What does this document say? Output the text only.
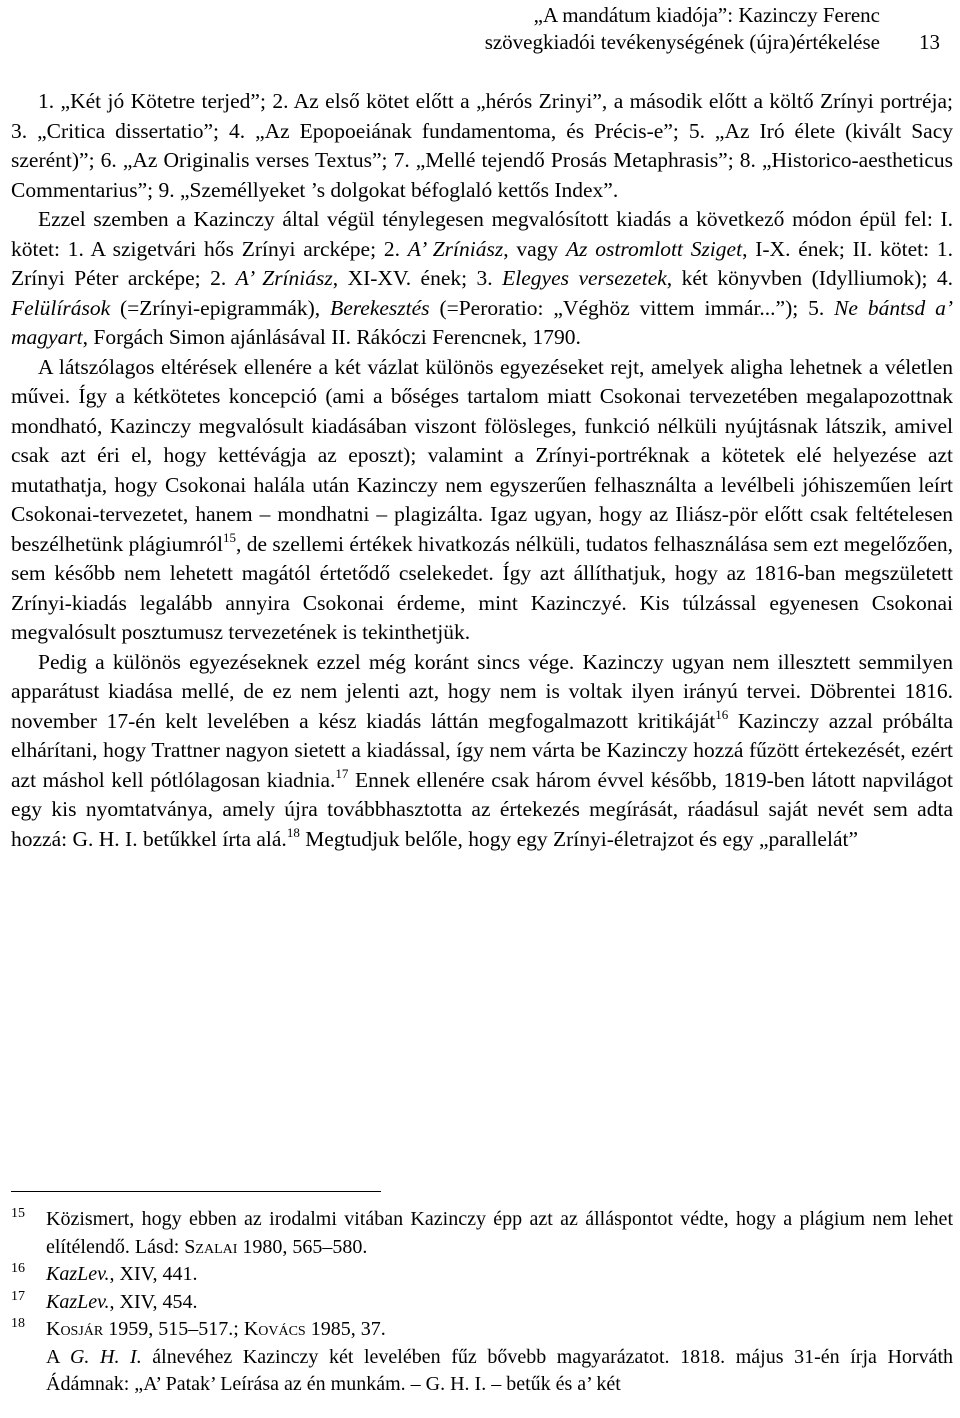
„A mandátum kiadója”: Kazinczy Ferenc
szövegkiadói tevékenységének (újra)értékelése	13

1. „Két jó Kötetre terjed”; 2. Az első kötet előtt a „hérós Zrinyi”, a második előtt a költő Zrínyi portréja; 3. „Critica dissertatio”; 4. „Az Epopoeiának fundamentoma, és Précis-e”; 5. „Az Iró élete (kivált Sacy szerént)”; 6. „Az Originalis verses Textus”; 7. „Mellé tejendő Prosás Metaphrasis”; 8. „Historico-aestheticus Commentarius”; 9. „Személlyeket ’s dolgokat béfoglaló kettős Index”.

Ezzel szemben a Kazinczy által végül ténylegesen megvalósított kiadás a következő módon épül fel: I. kötet: 1. A szigetvári hős Zrínyi arcképe; 2. A’ Zríniász, vagy Az ostromlott Sziget, I-X. ének; II. kötet: 1. Zrínyi Péter arcképe; 2. A’ Zríniász, XI-XV. ének; 3. Elegyes versezetek, két könyvben (Idylliumok); 4. Felülírások (=Zrínyi-epigrammák), Berekesztés (=Peroratio: „Véghöz vittem immár...”); 5. Ne bántsd a’ magyart, Forgách Simon ajánlásával II. Rákóczi Ferencnek, 1790.

A látszólagos eltérések ellenére a két vázlat különös egyezéseket rejt, amelyek aligha lehetnek a véletlen művei. Így a kétkötetes koncepció (ami a bőséges tartalom miatt Csokonai tervezetében megalapozottnak mondható, Kazinczy megvalósult kiadásában viszont fölösleges, funkció nélküli nyújtásnak látszik, amivel csak azt éri el, hogy kettévágja az eposzt); valamint a Zrínyi-portréknak a kötetek elé helyezése azt mutathatja, hogy Csokonai halála után Kazinczy nem egyszerűen felhasználta a levélbeli jóhiszeműen leírt Csokonai-tervezetet, hanem – mondhatni – plagizálta. Igaz ugyan, hogy az Iliász-pör előtt csak feltételesen beszélhetünk plágiumról$^{15}$, de szellemi értékek hivatkozás nélküli, tudatos felhasználása sem ezt megelőzően, sem később nem lehetett magától értetődő cselekedet. Így azt állíthatjuk, hogy az 1816-ban megszületett Zrínyi-kiadás legalább annyira Csokonai érdeme, mint Kazinczyé. Kis túlzással egyenesen Csokonai megvalósult posztumusz tervezetének is tekinthetjük.

Pedig a különös egyezéseknek ezzel még koránt sincs vége. Kazinczy ugyan nem illesztett semmilyen apparátust kiadása mellé, de ez nem jelenti azt, hogy nem is voltak ilyen irányú tervei. Döbrentei 1816. november 17-én kelt levelében a kész kiadás láttán megfogalmazott kritikáját$^{16}$ Kazinczy azzal próbálta elhárítani, hogy Trattner nagyon sietett a kiadással, így nem várta be Kazinczy hozzá fűzött értekezését, ezért azt máshol kell pótlólagosan kiadnia.$^{17}$ Ennek ellenére csak három évvel később, 1819-ben látott napvilágot egy kis nyomtatványa, amely újra továbbhasztotta az értekezés megírását, ráadásul saját nevét sem adta hozzá: G. H. I. betűkkel írta alá.$^{18}$ Megtudjuk belőle, hogy egy Zrínyi-életrajzot és egy „parallelát”

15 Közismert, hogy ebben az irodalmi vitában Kazinczy épp azt az álláspontot védte, hogy a plágium nem lehet elítélendő. Lásd: Szalai 1980, 565–580.
16 KazLev., XIV, 441.
17 KazLev., XIV, 454.
18 Kosjár 1959, 515–517.; Kovács 1985, 37.
A G. H. I. álnevéhez Kazinczy két levelében fűz bővebb magyarázatot. 1818. május 31-én írja Horváth Ádámnak: „A’ Patak’ Leírása az én munkám. – G. H. I. – betűk és a’ két
